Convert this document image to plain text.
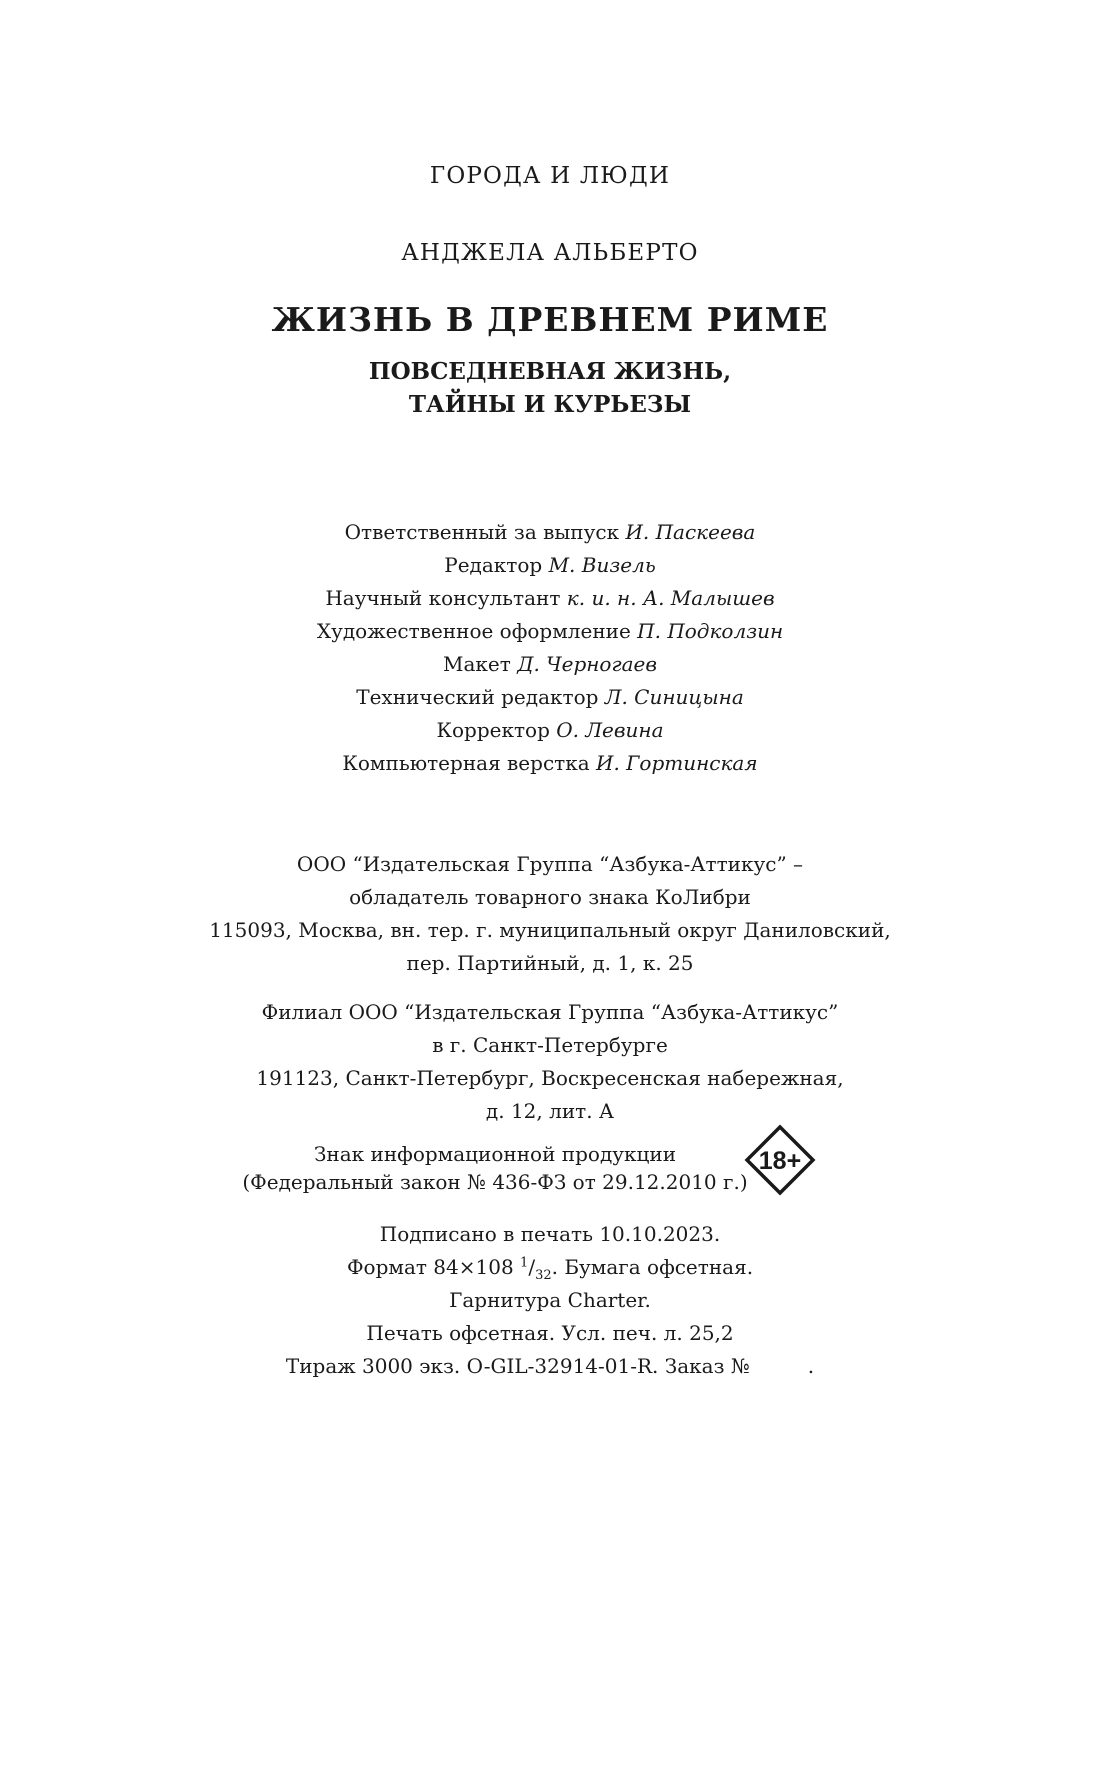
ГОРОДА И ЛЮДИ
АНДЖЕЛА АЛЬБЕРТО
ЖИЗНЬ В ДРЕВНЕМ РИМЕ
ПОВСЕДНЕВНАЯ ЖИЗНЬ,
ТАЙНЫ И КУРЬЕЗЫ
Ответственный за выпуск И. Паскеева
Редактор М. Визель
Научный консультант к. и. н. А. Малышев
Художественное оформление П. Подколзин
Макет Д. Черногаев
Технический редактор Л. Синицына
Корректор О. Левина
Компьютерная верстка И. Гортинская
ООО “Издательская Группа “Азбука-Аттикус” –
обладатель товарного знака КоЛибри
115093, Москва, вн. тер. г. муниципальный округ Даниловский,
пер. Партийный, д. 1, к. 25
Филиал ООО “Издательская Группа “Азбука-Аттикус”
в г. Санкт-Петербурге
191123, Санкт-Петербург, Воскресенская набережная,
д. 12, лит. А
Знак информационной продукции
(Федеральный закон № 436-ФЗ от 29.12.2010 г.)
18+
Подписано в печать 10.10.2023.
Формат 84×108 $^1/_{32}$. Бумага офсетная.
Гарнитура Charter.
Печать офсетная. Усл. печ. л. 25,2
Тираж 3000 экз. O-GIL-32914-01-R. Заказ №	.
